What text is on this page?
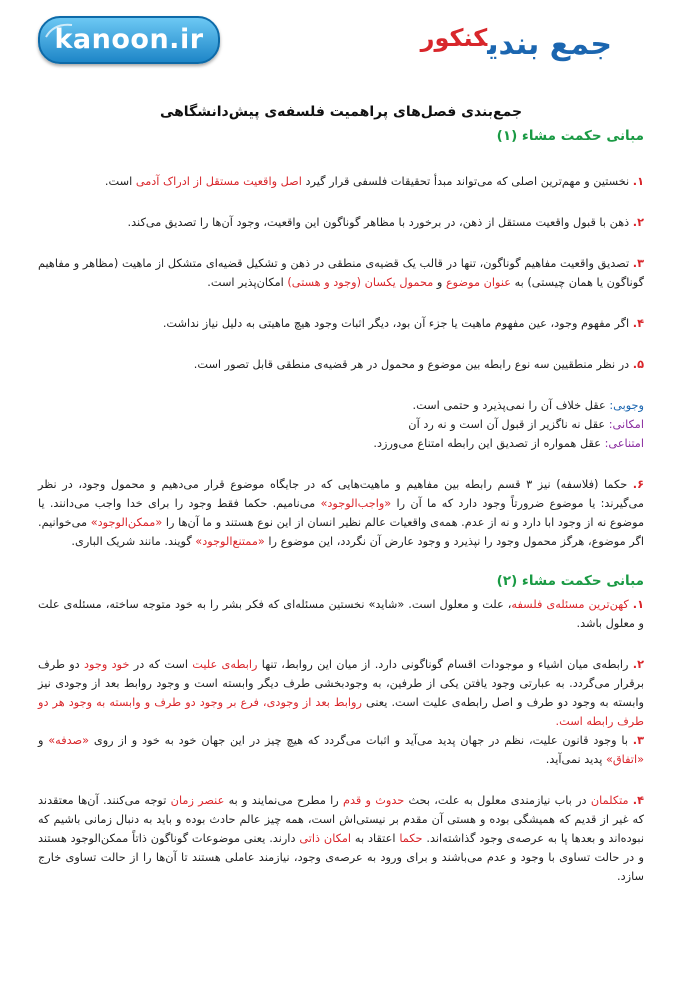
kanoon.ir	جمع بندی$^{کنکور}$
جمع‌بندی فصل‌های پراهمیت فلسفه‌ی پیش‌دانشگاهی
مبانی حکمت مشاء (۱)

۱. نخستین و مهم‌ترین اصلی که می‌تواند مبدأ تحقیقات فلسفی قرار گیرد اصل واقعیت مستقل از ادراک آدمی است.

۲. ذهن با قبول واقعیت مستقل از ذهن، در برخورد با مظاهر گوناگون این واقعیت، وجود آن‌ها را تصدیق می‌کند.

۳. تصدیق واقعیت مفاهیم گوناگون، تنها در قالب یک قضیه‌ی منطقی در ذهن و تشکیل قضیه‌ای متشکل از ماهیت (مظاهر و مفاهیم گوناگون یا همان چیستی) به عنوان موضوع و محمول یکسان (وجود و هستی) امکان‌پذیر است.

۴. اگر مفهوم وجود، عین مفهوم ماهیت یا جزء آن بود، دیگر اثبات وجود هیچ ماهیتی به دلیل نیاز نداشت.

۵. در نظر منطقیین سه نوع رابطه بین موضوع و محمول در هر قضیه‌ی منطقی قابل تصور است.

وجوبی: عقل خلاف آن را نمی‌پذیرد و حتمی است.

امکانی: عقل نه ناگزیر از قبول آن است و نه رد آن

امتناعی: عقل همواره از تصدیق این رابطه امتناع می‌ورزد.

۶. حکما (فلاسفه) نیز ۳ قسم رابطه بین مفاهیم و ماهیت‌هایی که در جایگاه موضوع قرار می‌دهیم و محمول وجود، در نظر می‌گیرند: یا موضوع ضرورتاً وجود دارد که ما آن را «واجب‌الوجود» می‌نامیم. حکما فقط وجود را برای خدا واجب می‌دانند. یا موضوع نه از وجود ابا دارد و نه از عدم. همه‌ی واقعیات عالم نظیر انسان از این نوع هستند و ما آن‌ها را «ممکن‌الوجود» می‌خوانیم. اگر موضوع، هرگز محمول وجود را نپذیرد و وجود عارض آن نگردد، این موضوع را «ممتنع‌الوجود» گویند. مانند شریک الباری.

مبانی حکمت مشاء (۲)

۱. کهن‌ترین مسئله‌ی فلسفه، علت و معلول است. «شاید» نخستین مسئله‌ای که فکر بشر را به خود متوجه ساخته، مسئله‌ی علت و معلول باشد.

۲. رابطه‌ی میان اشیاء و موجودات اقسام گوناگونی دارد. از میان این روابط، تنها رابطه‌ی علیت است که در خود وجود دو طرف برقرار می‌گردد. به عبارتی وجود یافتن یکی از طرفین، به وجودبخشی طرف دیگر وابسته است و وجود روابط بعد از وجودی نیز وابسته به وجود دو طرف و اصل رابطه‌ی علیت است. یعنی روابط بعد از وجودی، فرع بر وجود دو طرف و وابسته به وجود هر دو طرف رابطه است.

۳. با وجود قانون علیت، نظم در جهان پدید می‌آید و اثبات می‌گردد که هیچ چیز در این جهان خود به خود و از روی «صدفه» و «اتفاق» پدید نمی‌آید.

۴. متکلمان در باب نیازمندی معلول به علت، بحث حدوث و قدم را مطرح می‌نمایند و به عنصر زمان توجه می‌کنند. آن‌ها معتقدند که غیر از قدیم که همیشگی بوده و هستی آن مقدم بر نیستی‌اش است، همه چیز عالم حادث بوده و باید به دنبال زمانی باشیم که نبوده‌اند و بعدها پا به عرصه‌ی وجود گذاشته‌اند. حکما اعتقاد به امکان ذاتی دارند. یعنی موضوعات گوناگون ذاتاً ممکن‌الوجود هستند و در حالت تساوی با وجود و عدم می‌باشند و برای ورود به عرصه‌ی وجود، نیازمند عاملی هستند تا آن‌ها را از حالت تساوی خارج سازد.
